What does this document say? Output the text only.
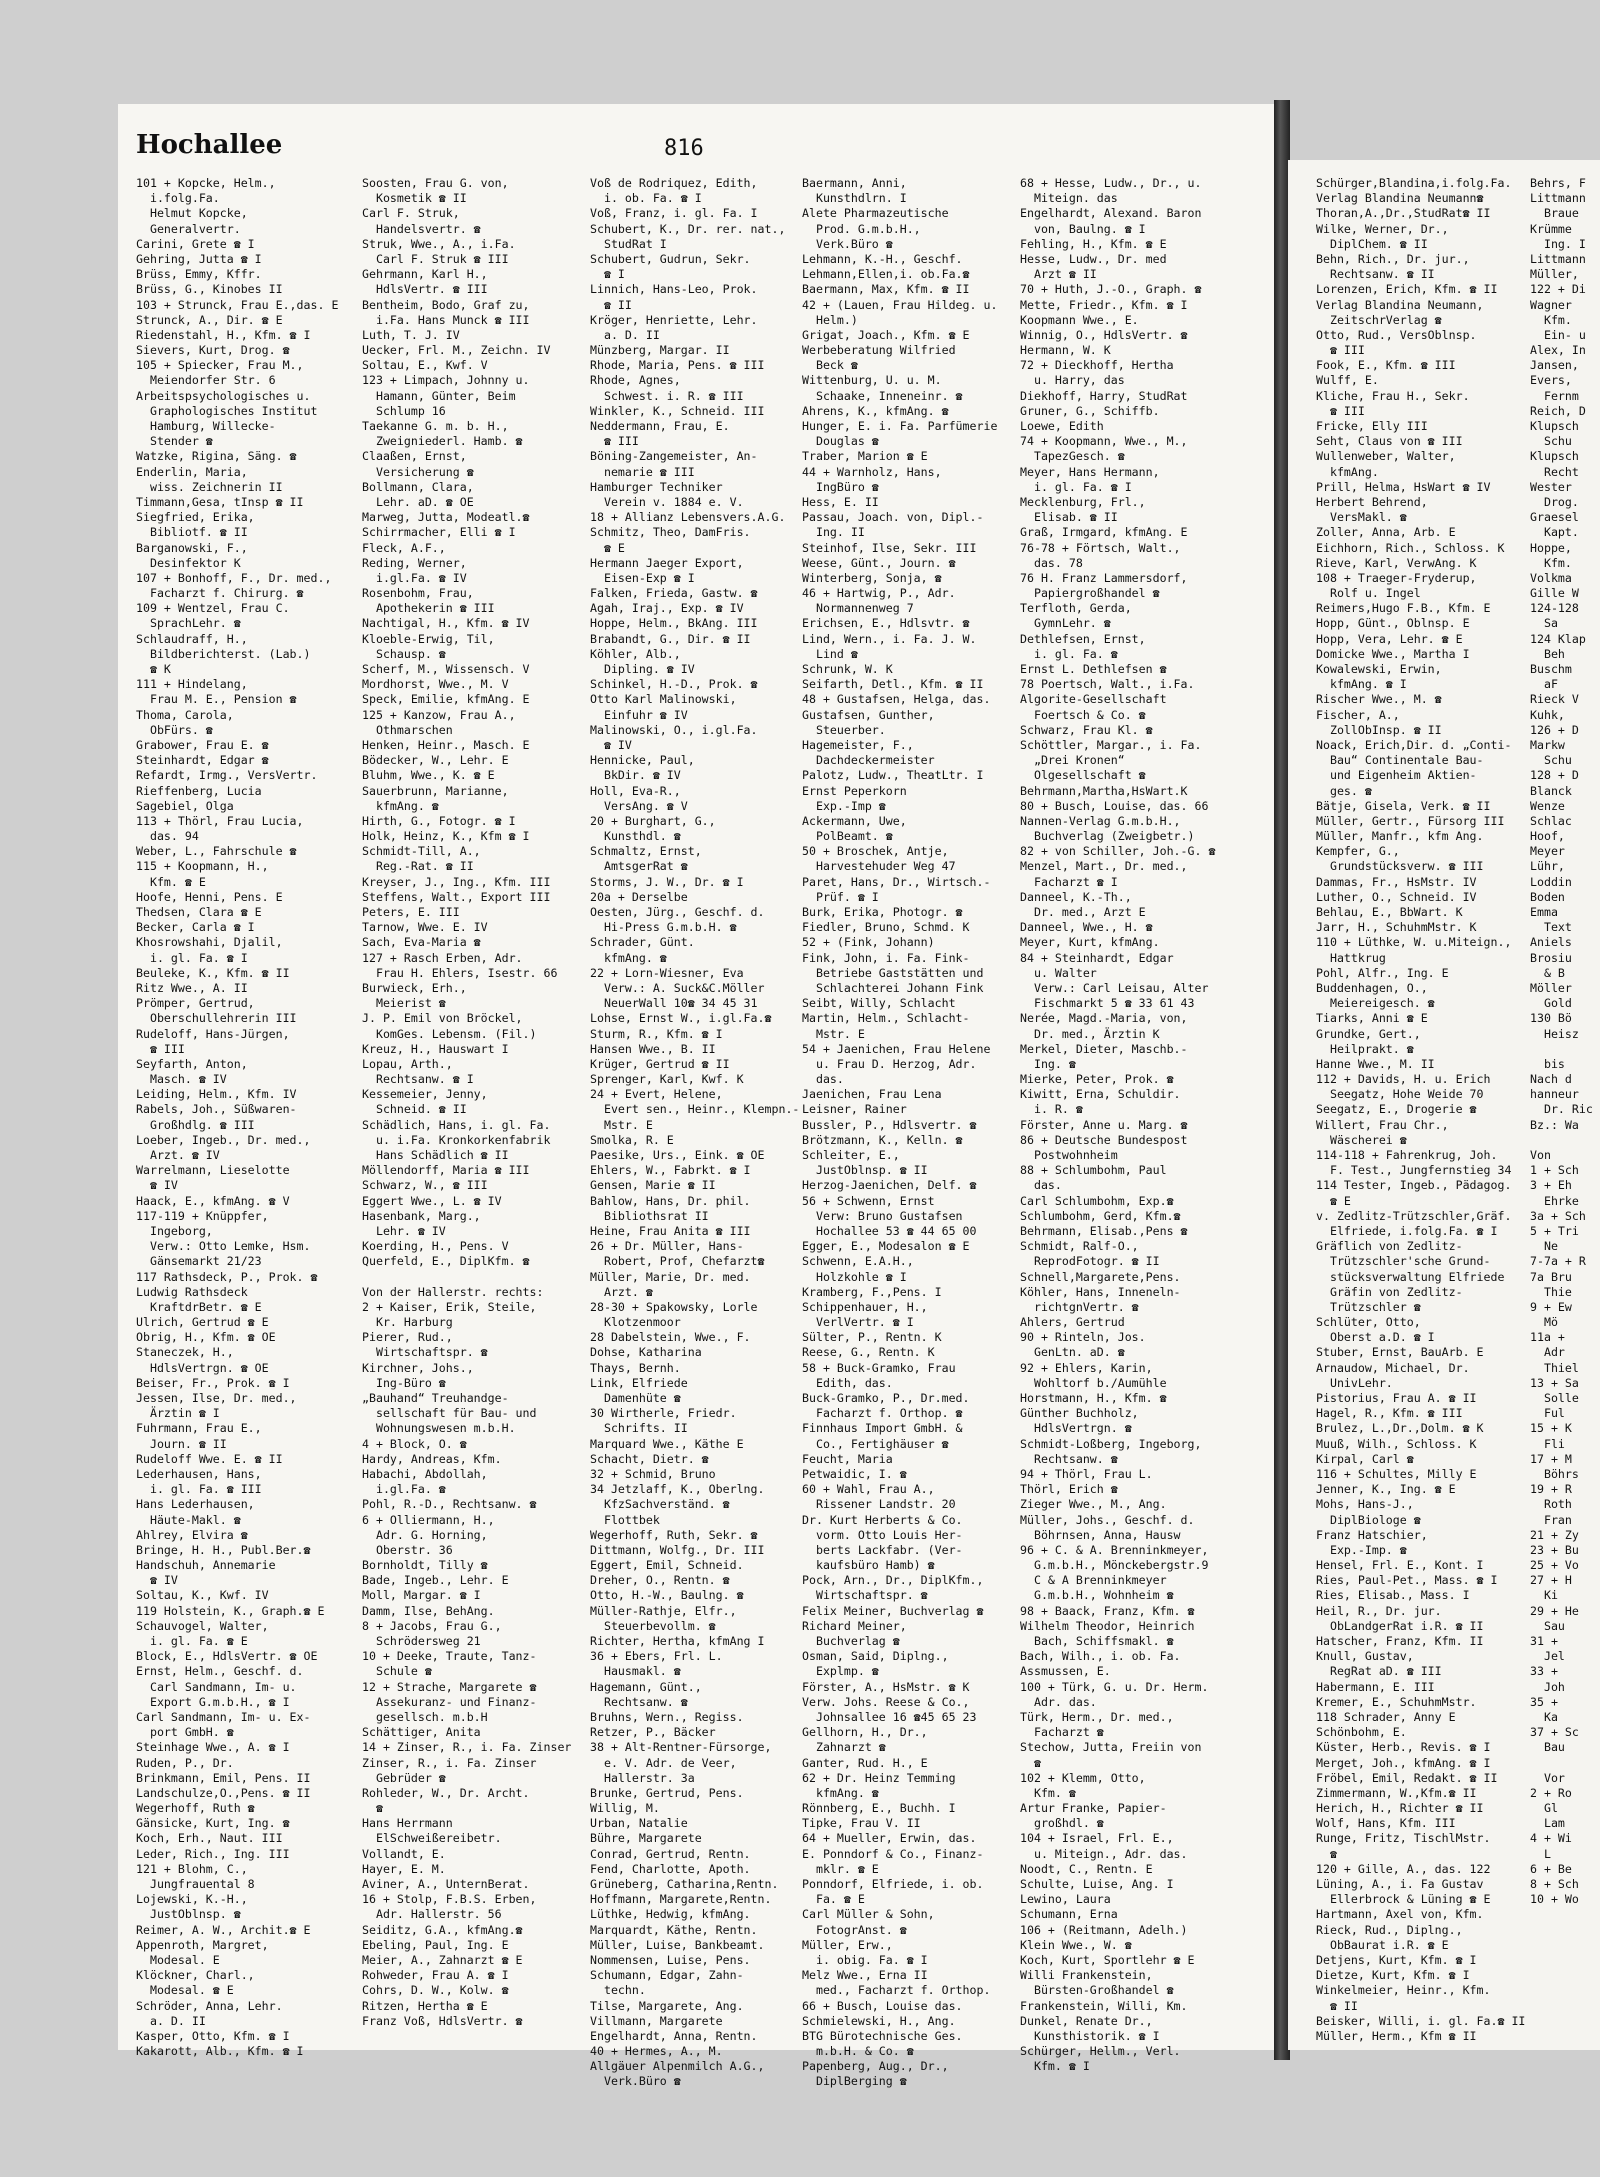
Hochallee	816
101 + Kopcke, Helm.,
i.folg.Fa.
Helmut Kopcke,
Generalvertr.
Carini, Grete ☎ I
Gehring, Jutta ☎ I
Brüss, Emmy, Kffr.
Brüss, G., Kinobes II
103 + Strunck, Frau E.,das. E
Strunck, A., Dir. ☎ E
Riedenstahl, H., Kfm. ☎ I
Sievers, Kurt, Drog. ☎
105 + Spiecker, Frau M.,
Meiendorfer Str. 6
Arbeitspsychologisches u.
Graphologisches Institut
Hamburg, Willecke-
Stender ☎
Watzke, Rigina, Säng. ☎
Enderlin, Maria,
wiss. Zeichnerin II
Timmann,Gesa, tInsp ☎ II
Siegfried, Erika,
Bibliotf. ☎ II
Barganowski, F.,
Desinfektor K
107 + Bonhoff, F., Dr. med.,
Facharzt f. Chirurg. ☎
109 + Wentzel, Frau C.
SprachLehr. ☎
Schlaudraff, H.,
Bildberichterst. (Lab.)
☎ K
111 + Hindelang,
Frau M. E., Pension ☎
Thoma, Carola,
ObFürs. ☎
Grabower, Frau E. ☎
Steinhardt, Edgar ☎
Refardt, Irmg., VersVertr.
Rieffenberg, Lucia
Sagebiel, Olga
113 + Thörl, Frau Lucia,
das. 94
Weber, L., Fahrschule ☎
115 + Koopmann, H.,
Kfm. ☎ E
Hoofe, Henni, Pens. E
Thedsen, Clara ☎ E
Becker, Carla ☎ I
Khosrowshahi, Djalil,
i. gl. Fa. ☎ I
Beuleke, K., Kfm. ☎ II
Ritz Wwe., A. II
Prömper, Gertrud,
Oberschullehrerin III
Rudeloff, Hans-Jürgen,
☎ III
Seyfarth, Anton,
Masch. ☎ IV
Leiding, Helm., Kfm. IV
Rabels, Joh., Süßwaren-
Großhdlg. ☎ III
Loeber, Ingeb., Dr. med.,
Arzt. ☎ IV
Warrelmann, Lieselotte
☎ IV
Haack, E., kfmAng. ☎ V
117-119 + Knüppfer,
Ingeborg,
Verw.: Otto Lemke, Hsm.
Gänsemarkt 21/23
117 Rathsdeck, P., Prok. ☎
Ludwig Rathsdeck
KraftdrBetr. ☎ E
Ulrich, Gertrud ☎ E
Obrig, H., Kfm. ☎ OE
Staneczek, H.,
HdlsVertrgn. ☎ OE
Beiser, Fr., Prok. ☎ I
Jessen, Ilse, Dr. med.,
Ärztin ☎ I
Fuhrmann, Frau E.,
Journ. ☎ II
Rudeloff Wwe. E. ☎ II
Lederhausen, Hans,
i. gl. Fa. ☎ III
Hans Lederhausen,
Häute-Makl. ☎
Ahlrey, Elvira ☎
Bringe, H. H., Publ.Ber.☎
Handschuh, Annemarie
☎ IV
Soltau, K., Kwf. IV
119 Holstein, K., Graph.☎ E
Schauvogel, Walter,
i. gl. Fa. ☎ E
Block, E., HdlsVertr. ☎ OE
Ernst, Helm., Geschf. d.
Carl Sandmann, Im- u.
Export G.m.b.H., ☎ I
Carl Sandmann, Im- u. Ex-
port GmbH. ☎
Steinhage Wwe., A. ☎ I
Ruden, P., Dr.
Brinkmann, Emil, Pens. II
Landschulze,O.,Pens. ☎ II
Wegerhoff, Ruth ☎
Gänsicke, Kurt, Ing. ☎
Koch, Erh., Naut. III
Leder, Rich., Ing. III
121 + Blohm, C.,
Jungfrauental 8
Lojewski, K.-H.,
JustOblnsp. ☎
Reimer, A. W., Archit.☎ E
Appenroth, Margret,
Modesal. E
Klöckner, Charl.,
Modesal. ☎ E
Schröder, Anna, Lehr.
a. D. II
Kasper, Otto, Kfm. ☎ I
Kakarott, Alb., Kfm. ☎ I
Soosten, Frau G. von,
Kosmetik ☎ II
Carl F. Struk,
Handelsvertr. ☎
Struk, Wwe., A., i.Fa.
Carl F. Struk ☎ III
Gehrmann, Karl H.,
HdlsVertr. ☎ III
Bentheim, Bodo, Graf zu,
i.Fa. Hans Munck ☎ III
Luth, T. J. IV
Uecker, Frl. M., Zeichn. IV
Soltau, E., Kwf. V
123 + Limpach, Johnny u.
Hamann, Günter, Beim
Schlump 16
Taekanne G. m. b. H.,
Zweigniederl. Hamb. ☎
Claaßen, Ernst,
Versicherung ☎
Bollmann, Clara,
Lehr. aD. ☎ OE
Marweg, Jutta, Modeatl.☎
Schirrmacher, Elli ☎ I
Fleck, A.F.,
Reding, Werner,
i.gl.Fa. ☎ IV
Rosenbohm, Frau,
Apothekerin ☎ III
Nachtigal, H., Kfm. ☎ IV
Kloeble-Erwig, Til,
Schausp. ☎
Scherf, M., Wissensch. V
Mordhorst, Wwe., M. V
Speck, Emilie, kfmAng. E
125 + Kanzow, Frau A.,
Othmarschen
Henken, Heinr., Masch. E
Bödecker, W., Lehr. E
Bluhm, Wwe., K. ☎ E
Sauerbrunn, Marianne,
kfmAng. ☎
Hirth, G., Fotogr. ☎ I
Holk, Heinz, K., Kfm ☎ I
Schmidt-Till, A.,
Reg.-Rat. ☎ II
Kreyser, J., Ing., Kfm. III
Steffens, Walt., Export III
Peters, E. III
Tarnow, Wwe. E. IV
Sach, Eva-Maria ☎
127 + Rasch Erben, Adr.
Frau H. Ehlers, Isestr. 66
Burwieck, Erh.,
Meierist ☎
J. P. Emil von Bröckel,
KomGes. Lebensm. (Fil.)
Kreuz, H., Hauswart I
Lopau, Arth.,
Rechtsanw. ☎ I
Kessemeier, Jenny,
Schneid. ☎ II
Schädlich, Hans, i. gl. Fa.
u. i.Fa. Kronkorkenfabrik
Hans Schädlich ☎ II
Möllendorff, Maria ☎ III
Schwarz, W., ☎ III
Eggert Wwe., L. ☎ IV
Hasenbank, Marg.,
Lehr. ☎ IV
Koerding, H., Pens. V
Querfeld, E., DiplKfm. ☎
Von der Hallerstr. rechts:
2 + Kaiser, Erik, Steile,
Kr. Harburg
Pierer, Rud.,
Wirtschaftspr. ☎
Kirchner, Johs.,
Ing-Büro ☎
„Bauhand“ Treuhandge-
sellschaft für Bau- und
Wohnungswesen m.b.H.
4 + Block, O. ☎
Hardy, Andreas, Kfm.
Habachi, Abdollah,
i.gl.Fa. ☎
Pohl, R.-D., Rechtsanw. ☎
6 + Olliermann, H.,
Adr. G. Horning,
Oberstr. 36
Bornholdt, Tilly ☎
Bade, Ingeb., Lehr. E
Moll, Margar. ☎ I
Damm, Ilse, BehAng.
8 + Jacobs, Frau G.,
Schrödersweg 21
10 + Deeke, Traute, Tanz-
Schule ☎
12 + Strache, Margarete ☎
Assekuranz- und Finanz-
gesellsch. m.b.H
Schättiger, Anita
14 + Zinser, R., i. Fa. Zinser
Zinser, R., i. Fa. Zinser
Gebrüder ☎
Rohleder, W., Dr. Archt.
☎
Hans Herrmann
ElSchweißereibetr.
Vollandt, E.
Hayer, E. M.
Aviner, A., UnternBerat.
16 + Stolp, F.B.S. Erben,
Adr. Hallerstr. 56
Seiditz, G.A., kfmAng.☎
Ebeling, Paul, Ing. E
Meier, A., Zahnarzt ☎ E
Rohweder, Frau A. ☎ I
Cohrs, D. W., Kolw. ☎
Ritzen, Hertha ☎ E
Franz Voß, HdlsVertr. ☎
Voß de Rodriquez, Edith,
i. ob. Fa. ☎ I
Voß, Franz, i. gl. Fa. I
Schubert, K., Dr. rer. nat.,
StudRat I
Schubert, Gudrun, Sekr.
☎ I
Linnich, Hans-Leo, Prok.
☎ II
Kröger, Henriette, Lehr.
a. D. II
Münzberg, Margar. II
Rhode, Maria, Pens. ☎ III
Rhode, Agnes,
Schwest. i. R. ☎ III
Winkler, K., Schneid. III
Neddermann, Frau, E.
☎ III
Böning-Zangemeister, An-
nemarie ☎ III
Hamburger Techniker
Verein v. 1884 e. V.
18 + Allianz Lebensvers.A.G.
Schmitz, Theo, DamFris.
☎ E
Hermann Jaeger Export,
Eisen-Exp ☎ I
Falken, Frieda, Gastw. ☎
Agah, Iraj., Exp. ☎ IV
Hoppe, Helm., BkAng. III
Brabandt, G., Dir. ☎ II
Köhler, Alb.,
Dipling. ☎ IV
Schinkel, H.-D., Prok. ☎
Otto Karl Malinowski,
Einfuhr ☎ IV
Malinowski, O., i.gl.Fa.
☎ IV
Hennicke, Paul,
BkDir. ☎ IV
Holl, Eva-R.,
VersAng. ☎ V
20 + Burghart, G.,
Kunsthdl. ☎
Schmaltz, Ernst,
AmtsgerRat ☎
Storms, J. W., Dr. ☎ I
20a + Derselbe
Oesten, Jürg., Geschf. d.
Hi-Press G.m.b.H. ☎
Schrader, Günt.
kfmAng. ☎
22 + Lorn-Wiesner, Eva
Verw.: A. Suck&C.Möller
NeuerWall 10☎ 34 45 31
Lohse, Ernst W., i.gl.Fa.☎
Sturm, R., Kfm. ☎ I
Hansen Wwe., B. II
Krüger, Gertrud ☎ II
Sprenger, Karl, Kwf. K
24 + Evert, Helene,
Evert sen., Heinr., Klempn.-
Mstr. E
Smolka, R. E
Paesike, Urs., Eink. ☎ OE
Ehlers, W., Fabrkt. ☎ I
Gensen, Marie ☎ II
Bahlow, Hans, Dr. phil.
Bibliothsrat II
Heine, Frau Anita ☎ III
26 + Dr. Müller, Hans-
Robert, Prof, Chefarzt☎
Müller, Marie, Dr. med.
Arzt. ☎
28-30 + Spakowsky, Lorle
Klotzenmoor
28 Dabelstein, Wwe., F.
Dohse, Katharina
Thays, Bernh.
Link, Elfriede
Damenhüte ☎
30 Wirtherle, Friedr.
Schrifts. II
Marquard Wwe., Käthe E
Schacht, Dietr. ☎
32 + Schmid, Bruno
34 Jetzlaff, K., Oberlng.
KfzSachverständ. ☎
Flottbek
Wegerhoff, Ruth, Sekr. ☎
Dittmann, Wolfg., Dr. III
Eggert, Emil, Schneid.
Dreher, O., Rentn. ☎
Otto, H.-W., Baulng. ☎
Müller-Rathje, Elfr.,
Steuerbevollm. ☎
Richter, Hertha, kfmAng I
36 + Ebers, Frl. L.
Hausmakl. ☎
Hagemann, Günt.,
Rechtsanw. ☎
Bruhns, Wern., Regiss.
Retzer, P., Bäcker
38 + Alt-Rentner-Fürsorge,
e. V. Adr. de Veer,
Hallerstr. 3a
Brunke, Gertrud, Pens.
Willig, M.
Urban, Natalie
Bühre, Margarete
Conrad, Gertrud, Rentn.
Fend, Charlotte, Apoth.
Grüneberg, Catharina,Rentn.
Hoffmann, Margarete,Rentn.
Lüthke, Hedwig, kfmAng.
Marquardt, Käthe, Rentn.
Müller, Luise, Bankbeamt.
Nommensen, Luise, Pens.
Schumann, Edgar, Zahn-
techn.
Tilse, Margarete, Ang.
Villmann, Margarete
Engelhardt, Anna, Rentn.
40 + Hermes, A., M.
Allgäuer Alpenmilch A.G.,
Verk.Büro ☎
Baermann, Anni,
Kunsthdlrn. I
Alete Pharmazeutische
Prod. G.m.b.H.,
Verk.Büro ☎
Lehmann, K.-H., Geschf.
Lehmann,Ellen,i. ob.Fa.☎
Baermann, Max, Kfm. ☎ II
42 + (Lauen, Frau Hildeg. u.
Helm.)
Grigat, Joach., Kfm. ☎ E
Werbeberatung Wilfried
Beck ☎
Wittenburg, U. u. M.
Schaake, Inneneinr. ☎
Ahrens, K., kfmAng. ☎
Hunger, E. i. Fa. Parfümerie
Douglas ☎
Traber, Marion ☎ E
44 + Warnholz, Hans,
IngBüro ☎
Hess, E. II
Passau, Joach. von, Dipl.-
Ing. II
Steinhof, Ilse, Sekr. III
Weese, Günt., Journ. ☎
Winterberg, Sonja, ☎
46 + Hartwig, P., Adr.
Normannenweg 7
Erichsen, E., Hdlsvtr. ☎
Lind, Wern., i. Fa. J. W.
Lind ☎
Schrunk, W. K
Seifarth, Detl., Kfm. ☎ II
48 + Gustafsen, Helga, das.
Gustafsen, Gunther,
Steuerber.
Hagemeister, F.,
Dachdeckermeister
Palotz, Ludw., TheatLtr. I
Ernst Peperkorn
Exp.-Imp ☎
Ackermann, Uwe,
PolBeamt. ☎
50 + Broschek, Antje,
Harvestehuder Weg 47
Paret, Hans, Dr., Wirtsch.-
Prüf. ☎ I
Burk, Erika, Photogr. ☎
Fiedler, Bruno, Schmd. K
52 + (Fink, Johann)
Fink, John, i. Fa. Fink-
Betriebe Gaststätten und
Schlachterei Johann Fink
Seibt, Willy, Schlacht
Martin, Helm., Schlacht-
Mstr. E
54 + Jaenichen, Frau Helene
u. Frau D. Herzog, Adr.
das.
Jaenichen, Frau Lena
Leisner, Rainer
Bussler, P., Hdlsvertr. ☎
Brötzmann, K., Kelln. ☎
Schleiter, E.,
JustOblnsp. ☎ II
Herzog-Jaenichen, Delf. ☎
56 + Schwenn, Ernst
Verw: Bruno Gustafsen
Hochallee 53 ☎ 44 65 00
Egger, E., Modesalon ☎ E
Schwenn, E.A.H.,
Holzkohle ☎ I
Kramberg, F.,Pens. I
Schippenhauer, H.,
VerlVertr. ☎ I
Sülter, P., Rentn. K
Reese, G., Rentn. K
58 + Buck-Gramko, Frau
Edith, das.
Buck-Gramko, P., Dr.med.
Facharzt f. Orthop. ☎
Finnhaus Import GmbH. &
Co., Fertighäuser ☎
Feucht, Maria
Petwaidic, I. ☎
60 + Wahl, Frau A.,
Rissener Landstr. 20
Dr. Kurt Herberts & Co.
vorm. Otto Louis Her-
berts Lackfabr. (Ver-
kaufsbüro Hamb) ☎
Pock, Arn., Dr., DiplKfm.,
Wirtschaftspr. ☎
Felix Meiner, Buchverlag ☎
Richard Meiner,
Buchverlag ☎
Osman, Said, Diplng.,
Explmp. ☎
Förster, A., HsMstr. ☎ K
Verw. Johs. Reese & Co.,
Johnsallee 16 ☎45 65 23
Gellhorn, H., Dr.,
Zahnarzt ☎
Ganter, Rud. H., E
62 + Dr. Heinz Temming
kfmAng. ☎
Rönnberg, E., Buchh. I
Tipke, Frau V. II
64 + Mueller, Erwin, das.
E. Ponndorf & Co., Finanz-
mklr. ☎ E
Ponndorf, Elfriede, i. ob.
Fa. ☎ E
Carl Müller & Sohn,
FotogrAnst. ☎
Müller, Erw.,
i. obig. Fa. ☎ I
Melz Wwe., Erna II
med., Facharzt f. Orthop.
66 + Busch, Louise das.
Schmielewski, H., Ang.
BTG Bürotechnische Ges.
m.b.H. & Co. ☎
Papenberg, Aug., Dr.,
DiplBerging ☎
68 + Hesse, Ludw., Dr., u.
Miteign. das
Engelhardt, Alexand. Baron
von, Baulng. ☎ I
Fehling, H., Kfm. ☎ E
Hesse, Ludw., Dr. med
Arzt ☎ II
70 + Huth, J.-O., Graph. ☎
Mette, Friedr., Kfm. ☎ I
Koopmann Wwe., E.
Winnig, O., HdlsVertr. ☎
Hermann, W. K
72 + Dieckhoff, Hertha
u. Harry, das
Diekhoff, Harry, StudRat
Gruner, G., Schiffb.
Loewe, Edith
74 + Koopmann, Wwe., M.,
TapezGesch. ☎
Meyer, Hans Hermann,
i. gl. Fa. ☎ I
Mecklenburg, Frl.,
Elisab. ☎ II
Graß, Irmgard, kfmAng. E
76-78 + Förtsch, Walt.,
das. 78
76 H. Franz Lammersdorf,
Papiergroßhandel ☎
Terfloth, Gerda,
GymnLehr. ☎
Dethlefsen, Ernst,
i. gl. Fa. ☎
Ernst L. Dethlefsen ☎
78 Poertsch, Walt., i.Fa.
Algorite-Gesellschaft
Foertsch & Co. ☎
Schwarz, Frau Kl. ☎
Schöttler, Margar., i. Fa.
„Drei Kronen“
Olgesellschaft ☎
Behrmann,Martha,HsWart.K
80 + Busch, Louise, das. 66
Nannen-Verlag G.m.b.H.,
Buchverlag (Zweigbetr.)
82 + von Schiller, Joh.-G. ☎
Menzel, Mart., Dr. med.,
Facharzt ☎ I
Danneel, K.-Th.,
Dr. med., Arzt E
Danneel, Wwe., H. ☎
Meyer, Kurt, kfmAng.
84 + Steinhardt, Edgar
u. Walter
Verw.: Carl Leisau, Alter
Fischmarkt 5 ☎ 33 61 43
Nerée, Magd.-Maria, von,
Dr. med., Ärztin K
Merkel, Dieter, Maschb.-
Ing. ☎
Mierke, Peter, Prok. ☎
Kiwitt, Erna, Schuldir.
i. R. ☎
Förster, Anne u. Marg. ☎
86 + Deutsche Bundespost
Postwohnheim
88 + Schlumbohm, Paul
das.
Carl Schlumbohm, Exp.☎
Schlumbohm, Gerd, Kfm.☎
Behrmann, Elisab.,Pens ☎
Schmidt, Ralf-O.,
ReprodFotogr. ☎ II
Schnell,Margarete,Pens.
Köhler, Hans, Inneneln-
richtgnVertr. ☎
Ahlers, Gertrud
90 + Rinteln, Jos.
GenLtn. aD. ☎
92 + Ehlers, Karin,
Wohltorf b./Aumühle
Horstmann, H., Kfm. ☎
Günther Buchholz,
HdlsVertrgn. ☎
Schmidt-Loßberg, Ingeborg,
Rechtsanw. ☎
94 + Thörl, Frau L.
Thörl, Erich ☎
Zieger Wwe., M., Ang.
Müller, Johs., Geschf. d.
Böhrnsen, Anna, Hausw
96 + C. & A. Brenninkmeyer,
G.m.b.H., Mönckebergstr.9
C & A Brenninkmeyer
G.m.b.H., Wohnheim ☎
98 + Baack, Franz, Kfm. ☎
Wilhelm Theodor, Heinrich
Bach, Schiffsmakl. ☎
Bach, Wilh., i. ob. Fa.
Assmussen, E.
100 + Türk, G. u. Dr. Herm.
Adr. das.
Türk, Herm., Dr. med.,
Facharzt ☎
Stechow, Jutta, Freiin von
☎
102 + Klemm, Otto,
Kfm. ☎
Artur Franke, Papier-
großhdl. ☎
104 + Israel, Frl. E.,
u. Miteign., Adr. das.
Noodt, C., Rentn. E
Schulte, Luise, Ang. I
Lewino, Laura
Schumann, Erna
106 + (Reitmann, Adelh.)
Klein Wwe., W. ☎
Koch, Kurt, Sportlehr ☎ E
Willi Frankenstein,
Bürsten-Großhandel ☎
Frankenstein, Willi, Km.
Dunkel, Renate Dr.,
Kunsthistorik. ☎ I
Schürger, Hellm., Verl.
Kfm. ☎ I
Schürger,Blandina,i.folg.Fa.
Verlag Blandina Neumann☎
Thoran,A.,Dr.,StudRat☎ II
Wilke, Werner, Dr.,
DiplChem. ☎ II
Behn, Rich., Dr. jur.,
Rechtsanw. ☎ II
Lorenzen, Erich, Kfm. ☎ II
Verlag Blandina Neumann,
ZeitschrVerlag ☎
Otto, Rud., VersOblnsp.
☎ III
Fook, E., Kfm. ☎ III
Wulff, E.
Kliche, Frau H., Sekr.
☎ III
Fricke, Elly III
Seht, Claus von ☎ III
Wullenweber, Walter,
kfmAng.
Prill, Helma, HsWart ☎ IV
Herbert Behrend,
VersMakl. ☎
Zoller, Anna, Arb. E
Eichhorn, Rich., Schloss. K
Rieve, Karl, VerwAng. K
108 + Traeger-Fryderup,
Rolf u. Ingel
Reimers,Hugo F.B., Kfm. E
Hopp, Günt., Oblnsp. E
Hopp, Vera, Lehr. ☎ E
Domicke Wwe., Martha I
Kowalewski, Erwin,
kfmAng. ☎ I
Rischer Wwe., M. ☎
Fischer, A.,
ZollObInsp. ☎ II
Noack, Erich,Dir. d. „Conti-
Bau“ Continentale Bau-
und Eigenheim Aktien-
ges. ☎
Bätje, Gisela, Verk. ☎ II
Müller, Gertr., Fürsorg III
Müller, Manfr., kfm Ang.
Kempfer, G.,
Grundstücksverw. ☎ III
Dammas, Fr., HsMstr. IV
Luther, O., Schneid. IV
Behlau, E., BbWart. K
Jarr, H., SchuhmMstr. K
110 + Lüthke, W. u.Miteign.,
Hattkrug
Pohl, Alfr., Ing. E
Buddenhagen, O.,
Meiereigesch. ☎
Tiarks, Anni ☎ E
Grundke, Gert.,
Heilprakt. ☎
Hanne Wwe., M. II
112 + Davids, H. u. Erich
Seegatz, Hohe Weide 70
Seegatz, E., Drogerie ☎
Willert, Frau Chr.,
Wäscherei ☎
114-118 + Fahrenkrug, Joh.
F. Test., Jungfernstieg 34
114 Tester, Ingeb., Pädagog.
☎ E
v. Zedlitz-Trützschler,Gräf.
Elfriede, i.folg.Fa. ☎ I
Gräflich von Zedlitz-
Trützschler'sche Grund-
stücksverwaltung Elfriede
Gräfin von Zedlitz-
Trützschler ☎
Schlüter, Otto,
Oberst a.D. ☎ I
Stuber, Ernst, BauArb. E
Arnaudow, Michael, Dr.
UnivLehr.
Pistorius, Frau A. ☎ II
Hagel, R., Kfm. ☎ III
Brulez, L.,Dr.,Dolm. ☎ K
Muuß, Wilh., Schloss. K
Kirpal, Carl ☎
116 + Schultes, Milly E
Jenner, K., Ing. ☎ E
Mohs, Hans-J.,
DiplBiologe ☎
Franz Hatschier,
Exp.-Imp. ☎
Hensel, Frl. E., Kont. I
Ries, Paul-Pet., Mass. ☎ I
Ries, Elisab., Mass. I
Heil, R., Dr. jur.
ObLandgerRat i.R. ☎ II
Hatscher, Franz, Kfm. II
Knull, Gustav,
RegRat aD. ☎ III
Habermann, E. III
Kremer, E., SchuhmMstr.
118 Schrader, Anny E
Schönbohm, E.
Küster, Herb., Revis. ☎ I
Merget, Joh., kfmAng. ☎ I
Fröbel, Emil, Redakt. ☎ II
Zimmermann, W.,Kfm.☎ II
Herich, H., Richter ☎ II
Wolf, Hans, Kfm. III
Runge, Fritz, TischlMstr.
☎
120 + Gille, A., das. 122
Lüning, A., i. Fa Gustav
Ellerbrock & Lüning ☎ E
Hartmann, Axel von, Kfm.
Rieck, Rud., Diplng.,
ObBaurat i.R. ☎ E
Detjens, Kurt, Kfm. ☎ I
Dietze, Kurt, Kfm. ☎ I
Winkelmeier, Heinr., Kfm.
☎ II
Beisker, Willi, i. gl. Fa.☎ II
Müller, Herm., Kfm ☎ II
Behrs, F
Littmann
Braue
Krümme
Ing. I
Littmann
Müller,
122 + Di
Wagner
Kfm.
Ein- u
Alex, In
Jansen,
Evers,
Fernm
Reich, D
Klupsch
Schu
Klupsch
Recht
Wester
Drog.
Graesel
Kapt.
Hoppe,
Kfm.
Volkma
Gille W
124-128
Sa
124 Klap
Beh
Buschm
aF
Rieck V
Kuhk,
126 + D
Markw
Schu
128 + D
Blanck
Wenze
Schlac
Hoof,
Meyer
Lühr,
Loddin
Boden
Emma
Text
Aniels
Brosiu
& B
Möller
Gold
130 Bö
Heisz
bis
Nach d
hanneur
Dr. Ric
Bz.: Wa
Von
1 + Sch
3 + Eh
Ehrke
3a + Sch
5 + Tri
Ne
7-7a + R
7a Bru
Thie
9 + Ew
Mö
11a +
Adr
Thiel
13 + Sa
Solle
Ful
15 + K
Fli
17 + M
Böhrs
19 + R
Roth
Fran
21 + Zy
23 + Bu
25 + Vo
27 + H
Ki
29 + He
Sau
31 +
Jel
33 +
Joh
35 +
Ka
37 + Sc
Bau
Vor
2 + Ro
Gl
Lam
4 + Wi
L
6 + Be
8 + Sch
10 + Wo
